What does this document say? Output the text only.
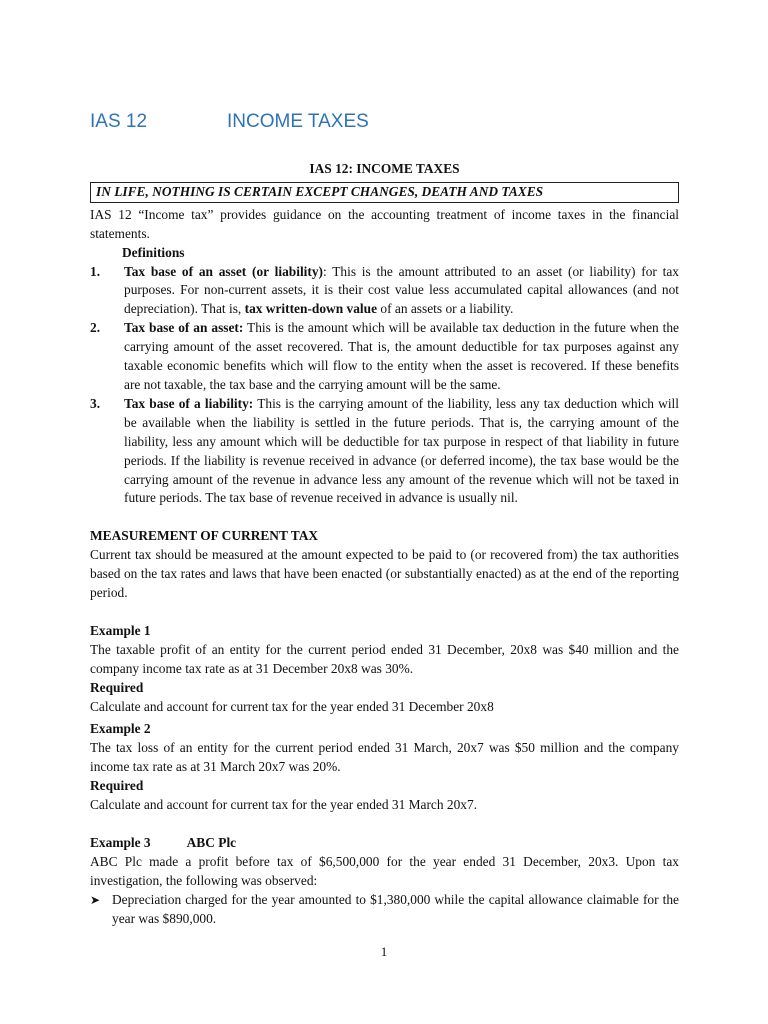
IAS 12	INCOME TAXES

IAS 12: INCOME TAXES

IN LIFE, NOTHING IS CERTAIN EXCEPT CHANGES, DEATH AND TAXES

IAS 12 “Income tax” provides guidance on the accounting treatment of income taxes in the financial statements.

Definitions

1. Tax base of an asset (or liability): This is the amount attributed to an asset (or liability) for tax purposes. For non-current assets, it is their cost value less accumulated capital allowances (and not depreciation). That is, tax written-down value of an assets or a liability.
2. Tax base of an asset: This is the amount which will be available tax deduction in the future when the carrying amount of the asset recovered. That is, the amount deductible for tax purposes against any taxable economic benefits which will flow to the entity when the asset is recovered. If these benefits are not taxable, the tax base and the carrying amount will be the same.
3. Tax base of a liability: This is the carrying amount of the liability, less any tax deduction which will be available when the liability is settled in the future periods. That is, the carrying amount of the liability, less any amount which will be deductible for tax purpose in respect of that liability in future periods. If the liability is revenue received in advance (or deferred income), the tax base would be the carrying amount of the revenue in advance less any amount of the revenue which will not be taxed in future periods. The tax base of revenue received in advance is usually nil.

MEASUREMENT OF CURRENT TAX

Current tax should be measured at the amount expected to be paid to (or recovered from) the tax authorities based on the tax rates and laws that have been enacted (or substantially enacted) as at the end of the reporting period.

Example 1

The taxable profit of an entity for the current period ended 31 December, 20x8 was $40 million and the company income tax rate as at 31 December 20x8 was 30%.

Required

Calculate and account for current tax for the year ended 31 December 20x8

Example 2

The tax loss of an entity for the current period ended 31 March, 20x7 was $50 million and the company income tax rate as at 31 March 20x7 was 20%.

Required

Calculate and account for current tax for the year ended 31 March 20x7.

Example 3	ABC Plc

ABC Plc made a profit before tax of $6,500,000 for the year ended 31 December, 20x3. Upon tax investigation, the following was observed:

➤ Depreciation charged for the year amounted to $1,380,000 while the capital allowance claimable for the year was $890,000.
1
